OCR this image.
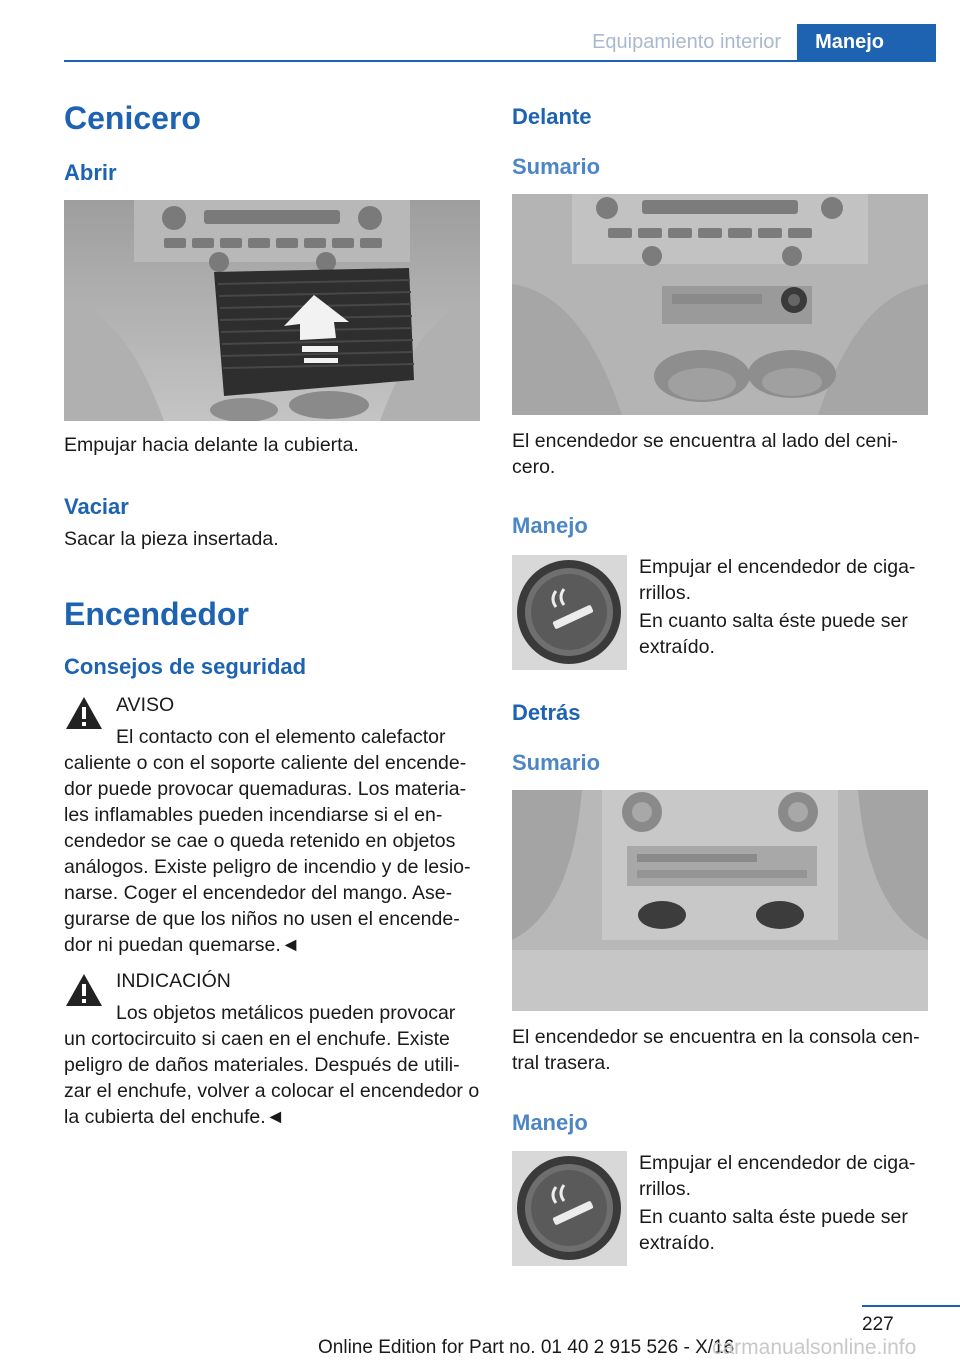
Equipamiento interior	Manejo
Cenicero
Abrir

Empujar hacia delante la cubierta.

Vaciar

Sacar la pieza insertada.

Encendedor
Consejos de seguridad

AVISO

El contacto con el elemento calefactor

caliente o con el soporte caliente del encende-dor puede provocar quemaduras. Los materia-les inflamables pueden incendiarse si el en-cendedor se cae o queda retenido en objetos análogos. Existe peligro de incendio y de lesio-narse. Coger el encendedor del mango. Ase-gurarse de que los niños no usen el encende-dor ni puedan quemarse.◄

INDICACIÓN

Los objetos metálicos pueden provocar

un cortocircuito si caen en el enchufe. Existe peligro de daños materiales. Después de utili-zar el enchufe, volver a colocar el encendedor o la cubierta del enchufe.◄

Delante
Sumario

El encendedor se encuentra al lado del ceni-cero.

Manejo

Empujar el encendedor de ciga-rrillos.

En cuanto salta éste puede ser extraído.

Detrás
Sumario

El encendedor se encuentra en la consola cen-tral trasera.

Manejo

Empujar el encendedor de ciga-rrillos.

En cuanto salta éste puede ser extraído.

227
Online Edition for Part no. 01 40 2 915 526 - X/16
carmanualsonline.info
